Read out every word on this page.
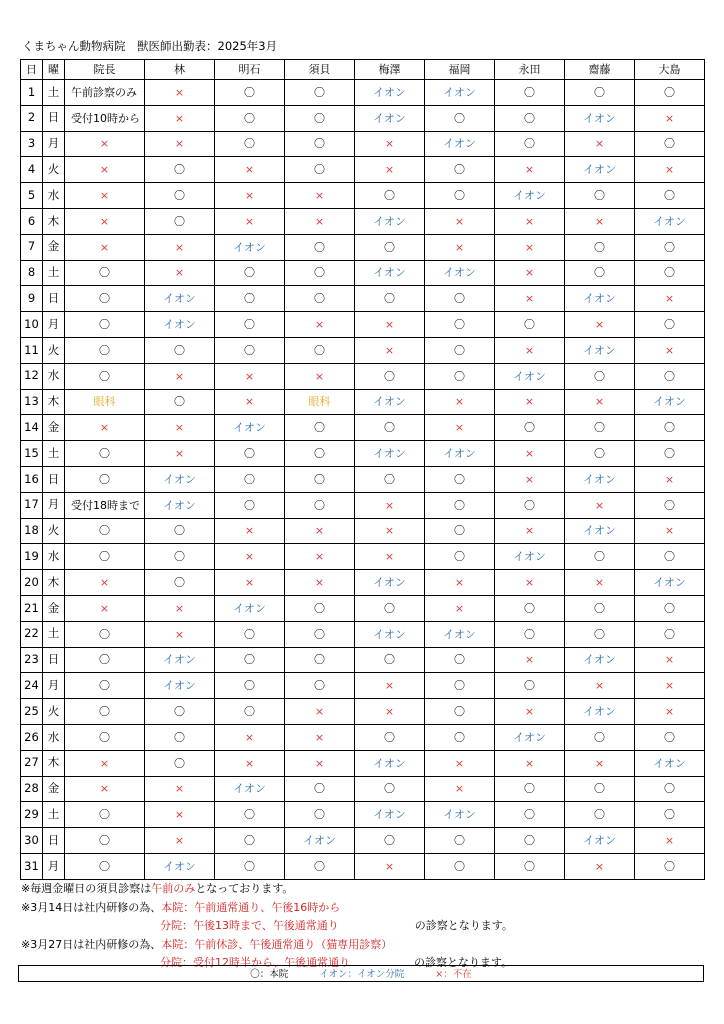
くまちゃん動物病院　獣医師出勤表：2025年3月
日	曜	院長	林	明石	須貝	梅澤	福岡	永田	齋藤	大島
1	土	午前診察のみ	×	〇	〇	イオン	イオン	〇	〇	〇
2	日	受付10時から	×	〇	〇	イオン	〇	〇	イオン	×
3	月	×	×	〇	〇	×	イオン	〇	×	〇
4	火	×	〇	×	〇	×	〇	×	イオン	×
5	水	×	〇	×	×	〇	〇	イオン	〇	〇
6	木	×	〇	×	×	イオン	×	×	×	イオン
7	金	×	×	イオン	〇	〇	×	×	〇	〇
8	土	〇	×	〇	〇	イオン	イオン	×	〇	〇
9	日	〇	イオン	〇	〇	〇	〇	×	イオン	×
10	月	〇	イオン	〇	×	×	〇	〇	×	〇
11	火	〇	〇	〇	〇	×	〇	×	イオン	×
12	水	〇	×	×	×	〇	〇	イオン	〇	〇
13	木	眼科	〇	×	眼科	イオン	×	×	×	イオン
14	金	×	×	イオン	〇	〇	×	〇	〇	〇
15	土	〇	×	〇	〇	イオン	イオン	×	〇	〇
16	日	〇	イオン	〇	〇	〇	〇	×	イオン	×
17	月	受付18時まで	イオン	〇	〇	×	〇	〇	×	〇
18	火	〇	〇	×	×	×	〇	×	イオン	×
19	水	〇	〇	×	×	×	〇	イオン	〇	〇
20	木	×	〇	×	×	イオン	×	×	×	イオン
21	金	×	×	イオン	〇	〇	×	〇	〇	〇
22	土	〇	×	〇	〇	イオン	イオン	〇	〇	〇
23	日	〇	イオン	〇	〇	〇	〇	×	イオン	×
24	月	〇	イオン	〇	〇	×	〇	〇	×	×
25	火	〇	〇	〇	×	×	〇	×	イオン	×
26	水	〇	〇	×	×	〇	〇	イオン	〇	〇
27	木	×	〇	×	×	イオン	×	×	×	イオン
28	金	×	×	イオン	〇	〇	×	〇	〇	〇
29	土	〇	×	〇	〇	イオン	イオン	〇	〇	〇
30	日	〇	×	〇	イオン	〇	〇	〇	イオン	×
31	月	〇	イオン	〇	〇	×	〇	〇	×	〇
※毎週金曜日の須貝診察は午前のみとなっております。
※3月14日は社内研修の為、本院：午前通常通り、午後16時から
分院：午後13時まで、午後通常通り	の診察となります。
※3月27日は社内研修の為、本院：午前休診、午後通常通り（猫専用診察）
分院：受付12時半から、午後通常通り	の診察となります。
〇：本院	イオン：イオン分院	×：不在
